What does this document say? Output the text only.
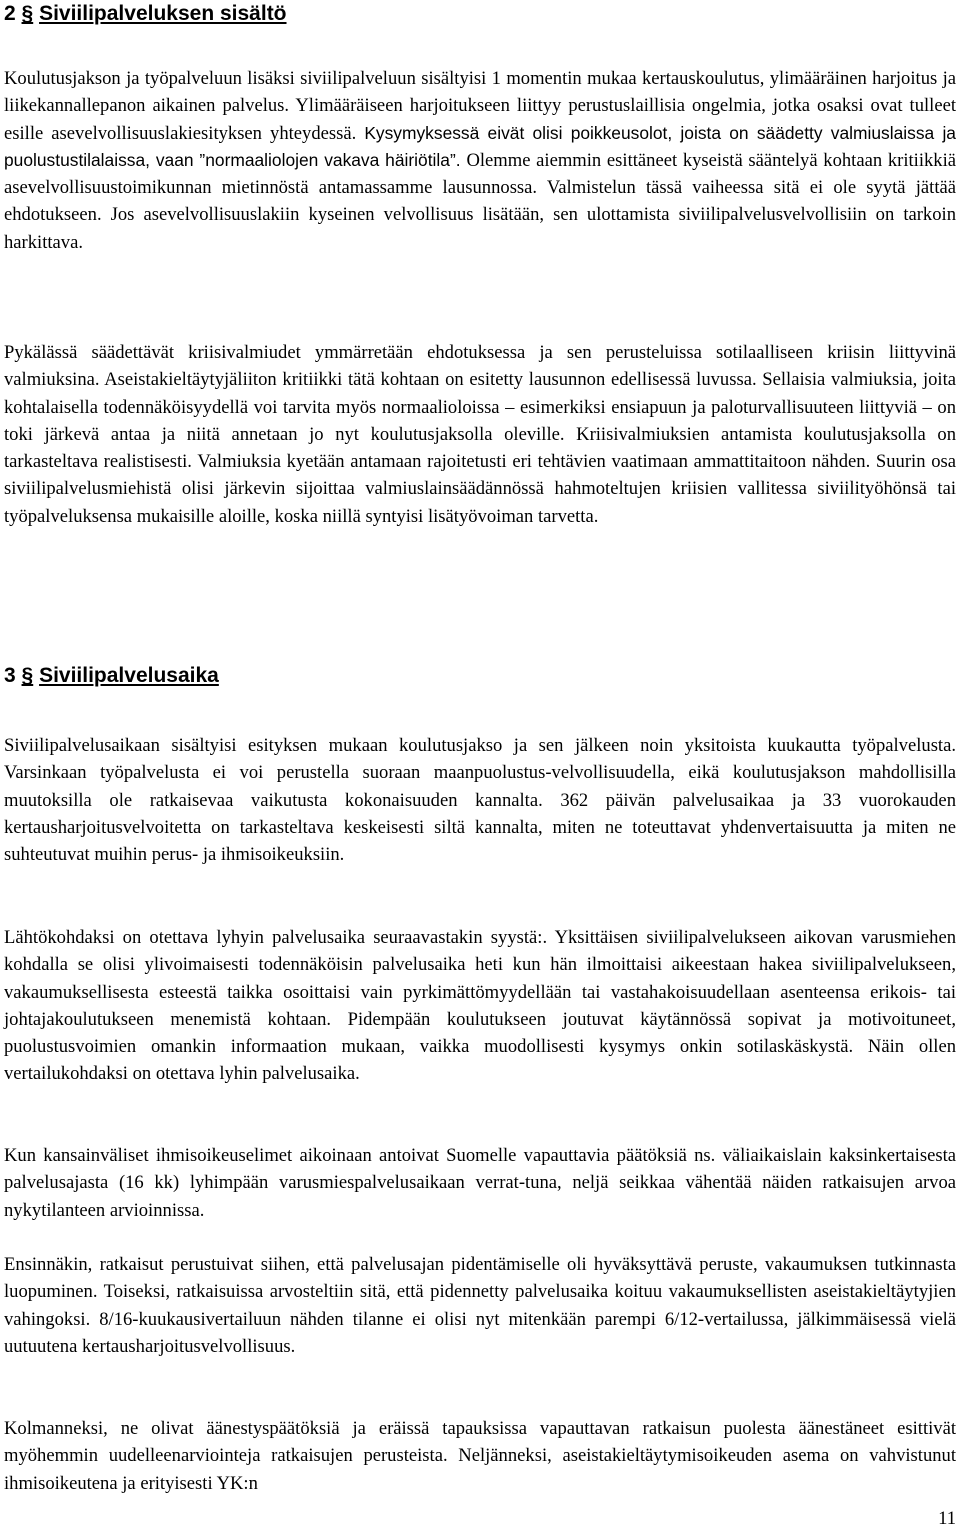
2 § Siviilipalveluksen sisältö

Koulutusjakson ja työpalveluun lisäksi siviilipalveluun sisältyisi 1 momentin mukaa kertauskoulutus, ylimääräinen harjoitus ja liikekannallepanon aikainen palvelus. Ylimääräiseen harjoitukseen liittyy perustuslaillisia ongelmia, jotka osaksi ovat tulleet esille asevelvollisuuslakiesityksen yhteydessä. Kysymyksessä eivät olisi poikkeusolot, joista on säädetty valmiuslaissa ja puolustustilalaissa, vaan ”normaaliolojen vakava häiriötila”. Olemme aiemmin esittäneet kyseistä sääntelyä kohtaan kritiikkiä asevelvollisuustoimikunnan mietinnöstä antamassamme lausunnossa. Valmistelun tässä vaiheessa sitä ei ole syytä jättää ehdotukseen. Jos asevelvollisuuslakiin kyseinen velvollisuus lisätään, sen ulottamista siviilipalvelusvelvollisiin on tarkoin harkittava.

Pykälässä säädettävät kriisivalmiudet ymmärretään ehdotuksessa ja sen perusteluissa sotilaalliseen kriisin liittyvinä valmiuksina. Aseistakieltäytyjäliiton kritiikki tätä kohtaan on esitetty lausunnon edellisessä luvussa. Sellaisia valmiuksia, joita kohtalaisella todennäköisyydellä voi tarvita myös normaalioloissa – esimerkiksi ensiapuun ja paloturvallisuuteen liittyviä – on toki järkevä antaa ja niitä annetaan jo nyt koulutusjaksolla oleville. Kriisivalmiuksien antamista koulutusjaksolla on tarkasteltava realistisesti. Valmiuksia kyetään antamaan rajoitetusti eri tehtävien vaatimaan ammattitaitoon nähden. Suurin osa siviilipalvelusmiehistä olisi järkevin sijoittaa valmiuslainsäädännössä hahmoteltujen kriisien vallitessa siviilityöhönsä tai työpalveluksensa mukaisille aloille, koska niillä syntyisi lisätyövoiman tarvetta.

3 § Siviilipalvelusaika

Siviilipalvelusaikaan sisältyisi esityksen mukaan koulutusjakso ja sen jälkeen noin yksitoista kuukautta työpalvelusta. Varsinkaan työpalvelusta ei voi perustella suoraan maanpuolustus-velvollisuudella, eikä koulutusjakson mahdollisilla muutoksilla ole ratkaisevaa vaikutusta kokonaisuuden kannalta. 362 päivän palvelusaikaa ja 33 vuorokauden kertausharjoitusvelvoitetta on tarkasteltava keskeisesti siltä kannalta, miten ne toteuttavat yhdenvertaisuutta ja miten ne suhteutuvat muihin perus- ja ihmisoikeuksiin.

Lähtökohdaksi on otettava lyhyin palvelusaika seuraavastakin syystä:. Yksittäisen siviilipalvelukseen aikovan varusmiehen kohdalla se olisi ylivoimaisesti todennäköisin palvelusaika heti kun hän ilmoittaisi aikeestaan hakea siviilipalvelukseen, vakaumuksellisesta esteestä taikka osoittaisi vain pyrkimättömyydellään tai vastahakoisuudellaan asenteensa erikois- tai johtajakoulutukseen menemistä kohtaan. Pidempään koulutukseen joutuvat käytännössä sopivat ja motivoituneet, puolustusvoimien omankin informaation mukaan, vaikka muodollisesti kysymys onkin sotilaskäskystä. Näin ollen vertailukohdaksi on otettava lyhin palvelusaika.

Kun kansainväliset ihmisoikeuselimet aikoinaan antoivat Suomelle vapauttavia päätöksiä ns. väliaikaislain kaksinkertaisesta palvelusajasta (16 kk) lyhimpään varusmiespalvelusaikaan verrat-tuna, neljä seikkaa vähentää näiden ratkaisujen arvoa nykytilanteen arvioinnissa.

Ensinnäkin, ratkaisut perustuivat siihen, että palvelusajan pidentämiselle oli hyväksyttävä peruste, vakaumuksen tutkinnasta luopuminen. Toiseksi, ratkaisuissa arvosteltiin sitä, että pidennetty palvelusaika koituu vakaumuksellisten aseistakieltäytyjien vahingoksi. 8/16-kuukausivertailuun nähden tilanne ei olisi nyt mitenkään parempi 6/12-vertailussa, jälkimmäisessä vielä uutuutena kertausharjoitusvelvollisuus.

Kolmanneksi, ne olivat äänestyspäätöksiä ja eräissä tapauksissa vapauttavan ratkaisun puolesta äänestäneet esittivät myöhemmin uudelleenarviointeja ratkaisujen perusteista. Neljänneksi, aseistakieltäytymisoikeuden asema on vahvistunut ihmisoikeutena ja erityisesti YK:n

11
